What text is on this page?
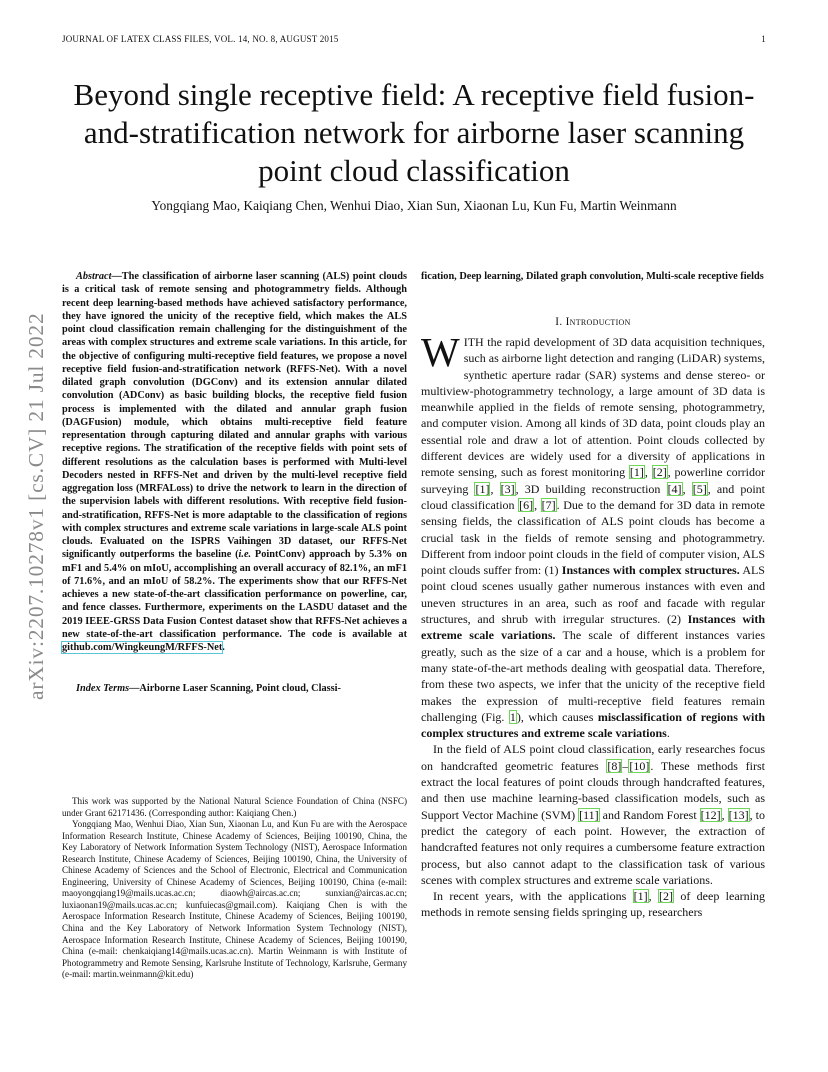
JOURNAL OF LATEX CLASS FILES, VOL. 14, NO. 8, AUGUST 2015	1
arXiv:2207.10278v1 [cs.CV] 21 Jul 2022
Beyond single receptive field: A receptive field fusion-and-stratification network for airborne laser scanning point cloud classification
Yongqiang Mao, Kaiqiang Chen, Wenhui Diao, Xian Sun, Xiaonan Lu, Kun Fu, Martin Weinmann

Abstract—The classification of airborne laser scanning (ALS) point clouds is a critical task of remote sensing and photogrammetry fields. Although recent deep learning-based methods have achieved satisfactory performance, they have ignored the unicity of the receptive field, which makes the ALS point cloud classification remain challenging for the distinguishment of the areas with complex structures and extreme scale variations. In this article, for the objective of configuring multi-receptive field features, we propose a novel receptive field fusion-and-stratification network (RFFS-Net). With a novel dilated graph convolution (DGConv) and its extension annular dilated convolution (ADConv) as basic building blocks, the receptive field fusion process is implemented with the dilated and annular graph fusion (DAGFusion) module, which obtains multi-receptive field feature representation through capturing dilated and annular graphs with various receptive regions. The stratification of the receptive fields with point sets of different resolutions as the calculation bases is performed with Multi-level Decoders nested in RFFS-Net and driven by the multi-level receptive field aggregation loss (MRFALoss) to drive the network to learn in the direction of the supervision labels with different resolutions. With receptive field fusion-and-stratification, RFFS-Net is more adaptable to the classification of regions with complex structures and extreme scale variations in large-scale ALS point clouds. Evaluated on the ISPRS Vaihingen 3D dataset, our RFFS-Net significantly outperforms the baseline (i.e. PointConv) approach by 5.3% on mF1 and 5.4% on mIoU, accomplishing an overall accuracy of 82.1%, an mF1 of 71.6%, and an mIoU of 58.2%. The experiments show that our RFFS-Net achieves a new state-of-the-art classification performance on powerline, car, and fence classes. Furthermore, experiments on the LASDU dataset and the 2019 IEEE-GRSS Data Fusion Contest dataset show that RFFS-Net achieves a new state-of-the-art classification performance. The code is available at github.com/WingkeungM/RFFS-Net.

Index Terms—Airborne Laser Scanning, Point cloud, Classi-

This work was supported by the National Natural Science Foundation of China (NSFC) under Grant 62171436. (Corresponding author: Kaiqiang Chen.)

Yongqiang Mao, Wenhui Diao, Xian Sun, Xiaonan Lu, and Kun Fu are with the Aerospace Information Research Institute, Chinese Academy of Sciences, Beijing 100190, China, the Key Laboratory of Network Information System Technology (NIST), Aerospace Information Research Institute, Chinese Academy of Sciences, Beijing 100190, China, the University of Chinese Academy of Sciences and the School of Electronic, Electrical and Communication Engineering, University of Chinese Academy of Sciences, Beijing 100190, China (e-mail: maoyongqiang19@mails.ucas.ac.cn; diaowh@aircas.ac.cn; sunxian@aircas.ac.cn; luxiaonan19@mails.ucas.ac.cn; kunfuiecas@gmail.com). Kaiqiang Chen is with the Aerospace Information Research Institute, Chinese Academy of Sciences, Beijing 100190, China and the Key Laboratory of Network Information System Technology (NIST), Aerospace Information Research Institute, Chinese Academy of Sciences, Beijing 100190, China (e-mail: chenkaiqiang14@mails.ucas.ac.cn). Martin Weinmann is with Institute of Photogrammetry and Remote Sensing, Karlsruhe Institute of Technology, Karlsruhe, Germany (e-mail: martin.weinmann@kit.edu)

fication, Deep learning, Dilated graph convolution, Multi-scale receptive fields

I. Introduction

WITH the rapid development of 3D data acquisition techniques, such as airborne light detection and ranging (LiDAR) systems, synthetic aperture radar (SAR) systems and dense stereo- or multiview-photogrammetry technology, a large amount of 3D data is meanwhile applied in the fields of remote sensing, photogrammetry, and computer vision. Among all kinds of 3D data, point clouds play an essential role and draw a lot of attention. Point clouds collected by different devices are widely used for a diversity of applications in remote sensing, such as forest monitoring [1], [2], powerline corridor surveying [1], [3], 3D building reconstruction [4], [5], and point cloud classification [6], [7]. Due to the demand for 3D data in remote sensing fields, the classification of ALS point clouds has become a crucial task in the fields of remote sensing and photogrammetry. Different from indoor point clouds in the field of computer vision, ALS point clouds suffer from: (1) Instances with complex structures. ALS point cloud scenes usually gather numerous instances with even and uneven structures in an area, such as roof and facade with regular structures, and shrub with irregular structures. (2) Instances with extreme scale variations. The scale of different instances varies greatly, such as the size of a car and a house, which is a problem for many state-of-the-art methods dealing with geospatial data. Therefore, from these two aspects, we infer that the unicity of the receptive field makes the expression of multi-receptive field features remain challenging (Fig. 1), which causes misclassification of regions with complex structures and extreme scale variations.

In the field of ALS point cloud classification, early researches focus on handcrafted geometric features [8]–[10]. These methods first extract the local features of point clouds through handcrafted features, and then use machine learning-based classification models, such as Support Vector Machine (SVM) [11] and Random Forest [12], [13], to predict the category of each point. However, the extraction of handcrafted features not only requires a cumbersome feature extraction process, but also cannot adapt to the classification task of various scenes with complex structures and extreme scale variations.

In recent years, with the applications [1], [2] of deep learning methods in remote sensing fields springing up, researchers
